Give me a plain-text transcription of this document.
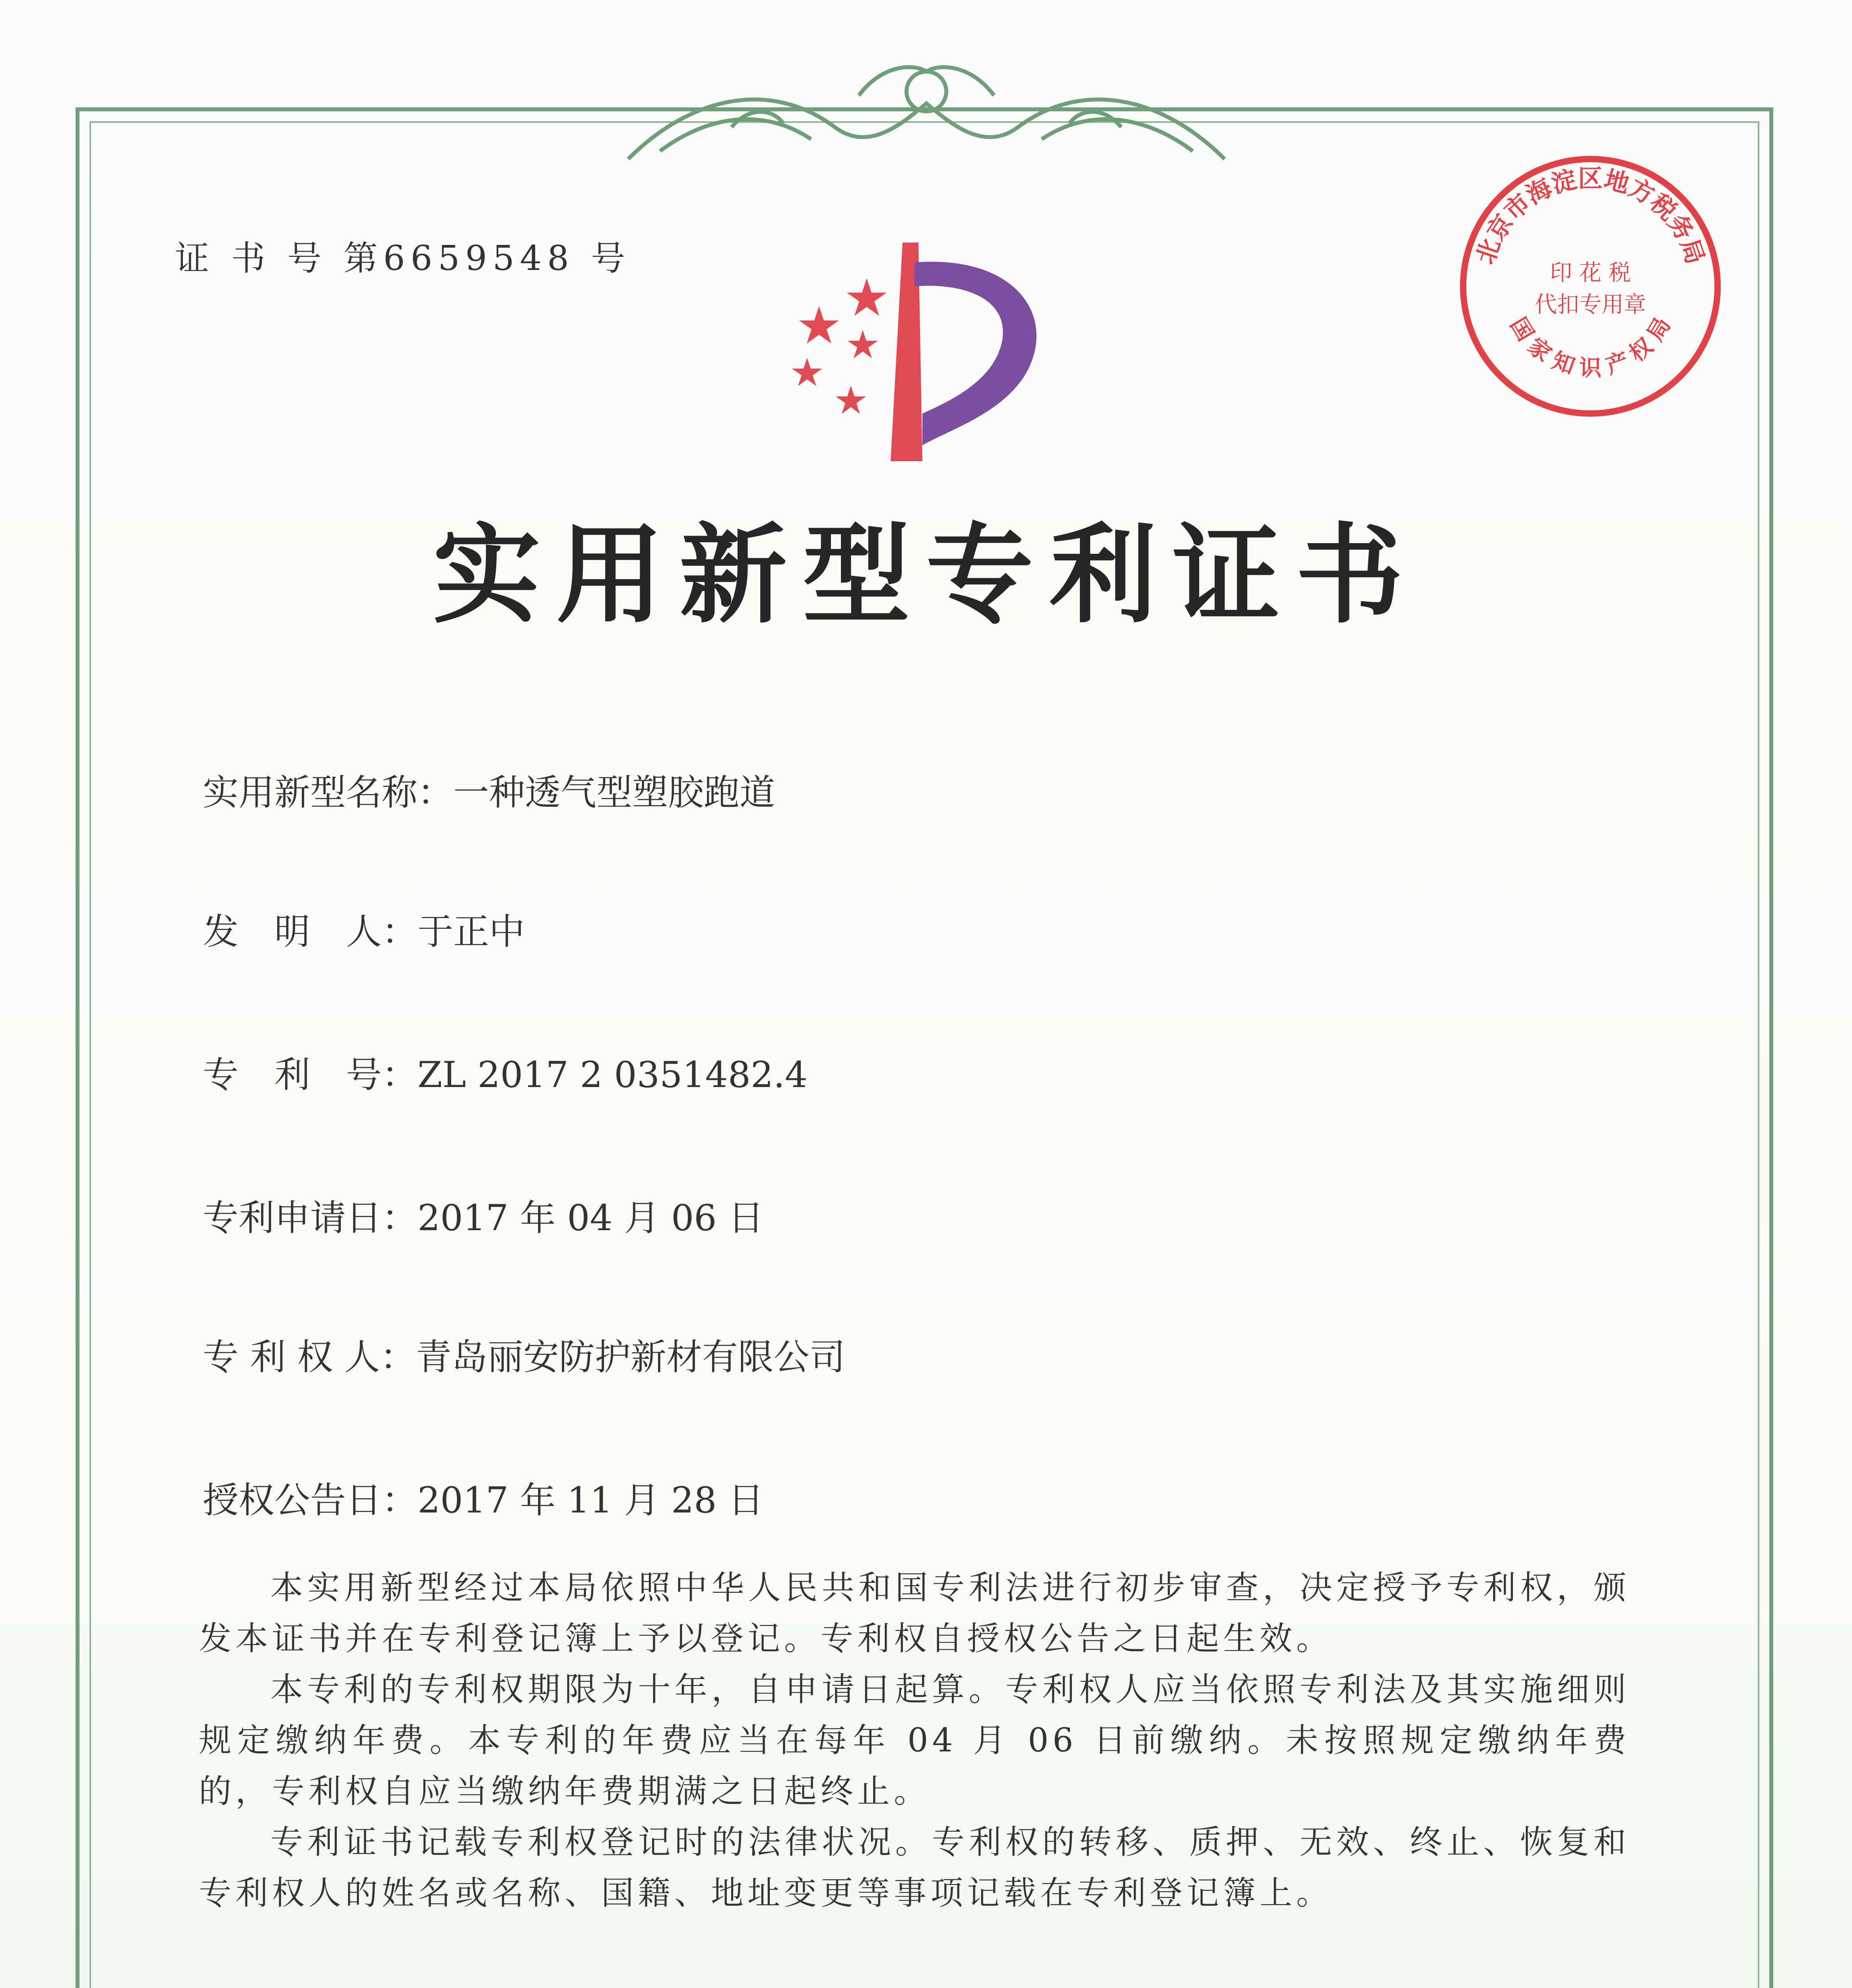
证 书 号 第6659548 号	北京市海淀区地方税务局
印 花 税
代扣专用章
国 家 知 识 产 权 局
实用新型专利证书
实用新型名称：一种透气型塑胶跑道
发　明　人：于正中
专　利　号：ZL 2017 2 0351482.4
专利申请日：2017 年 04 月 06 日
专 利 权 人：青岛丽安防护新材有限公司
授权公告日：2017 年 11 月 28 日

本实用新型经过本局依照中华人民共和国专利法进行初步审查，决定授予专利权，颁发本证书并在专利登记簿上予以登记。专利权自授权公告之日起生效。

本专利的专利权期限为十年，自申请日起算。专利权人应当依照专利法及其实施细则规定缴纳年费。本专利的年费应当在每年 04 月 06 日前缴纳。未按照规定缴纳年费的，专利权自应当缴纳年费期满之日起终止。

专利证书记载专利权登记时的法律状况。专利权的转移、质押、无效、终止、恢复和专利权人的姓名或名称、国籍、地址变更等事项记载在专利登记簿上。
